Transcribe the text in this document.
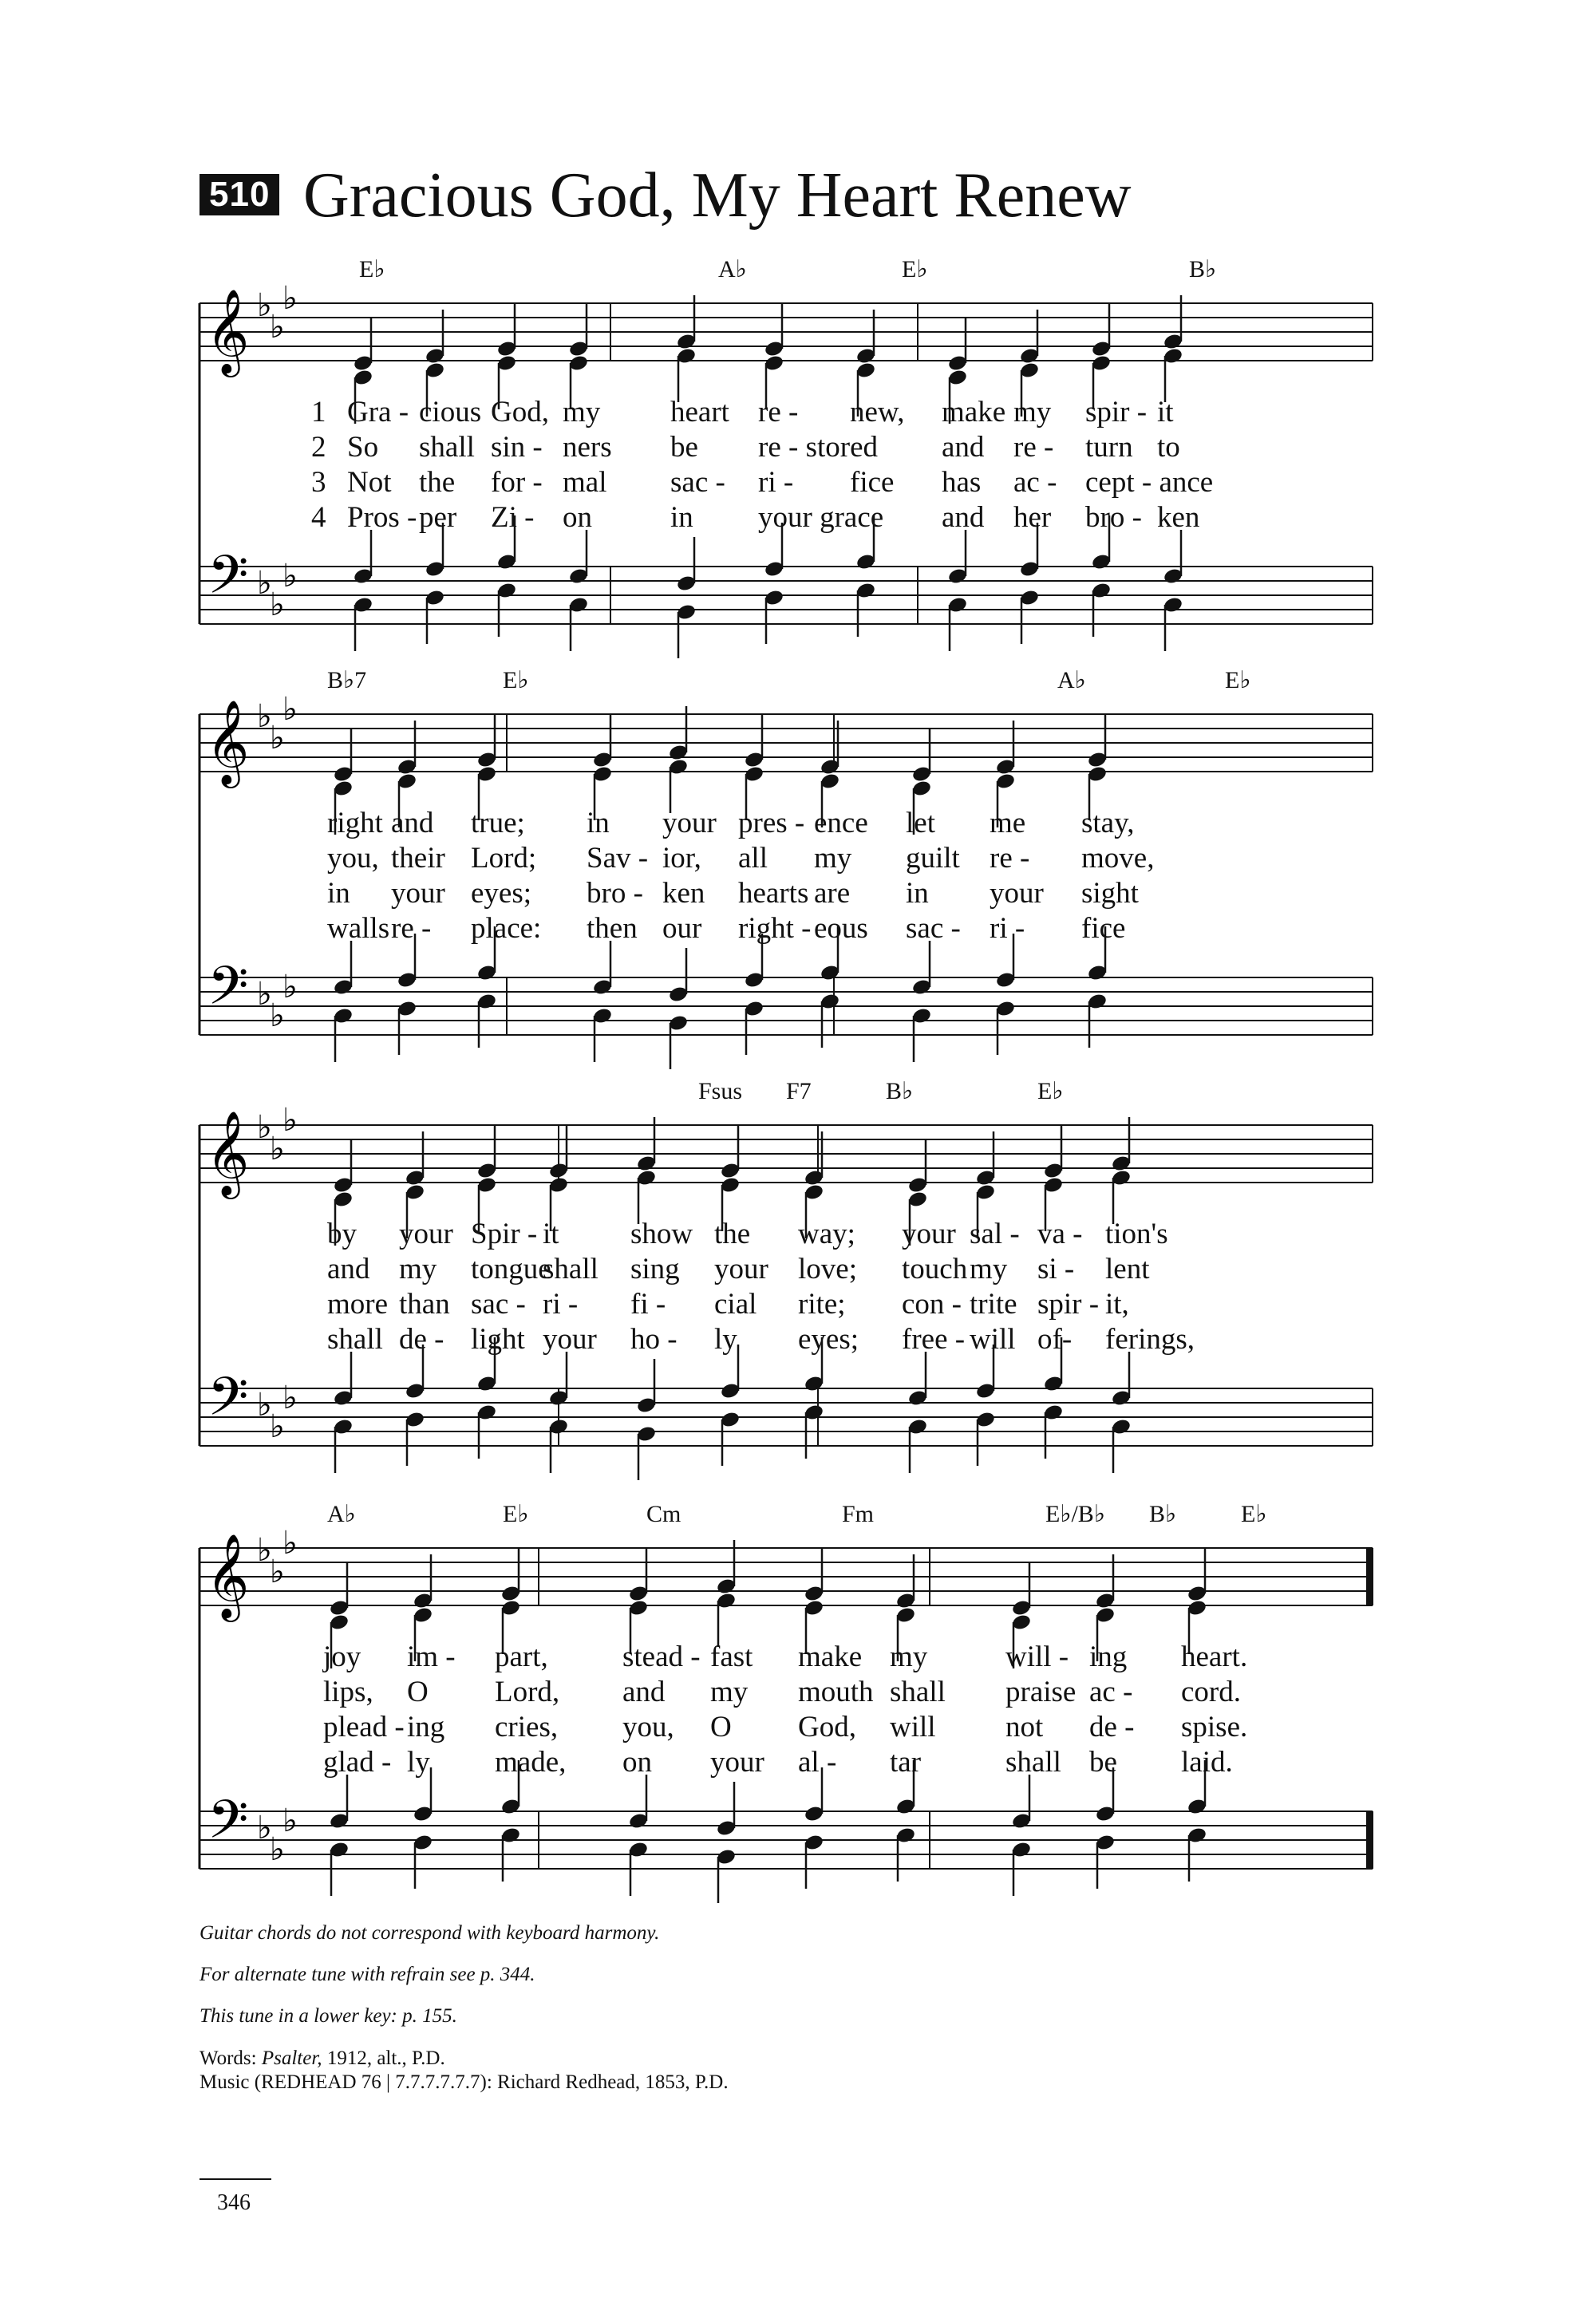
510 Gracious God, My Heart Renew
𝄞
𝄢
♭
♭
♭
♭
♭
♭
E♭	A♭	E♭	B♭
1 Gra - cious God, my heart re - new, make my spir - it
2 So shall sin - ners be re - stored and re - turn to
3 Not the for - mal sac - ri - fice has ac - cept - ance
4 Pros - per Zi - on	in your grace and her bro - ken
𝄞
𝄢
♭
♭
♭
♭
♭
♭
B♭7	E♭	A♭	E♭
right and true; in your pres - ence let me stay,
you, their Lord; Sav - ior, all my guilt re - move,
in your eyes; bro - ken hearts are in your sight
walls re - place: then our right - eous sac - ri - fice
𝄞
𝄢
♭
♭
♭
♭
♭
♭
Fsus F7	B♭	E♭
by your Spir - it show the way; your sal - va - tion's
and my tongue
shall sing your love; touch my si - lent
more than sac - ri - fi - cial rite; con - trite spir - it,
shall de - light your ho - ly eyes; free - will of- ferings,
𝄞
𝄢
♭
♭
♭
♭
♭
♭
A♭	E♭	Cm	Fm	E♭/B♭ B♭	E♭
joy im - part,	stead - fast make my	will - ing heart.
lips, O Lord, and my mouth shall praise ac - cord.
plead - ing cries, you, O God, will not de - spise.
glad - ly made, on your al - tar	shall be laid.
Guitar chords do not correspond with keyboard harmony.
For alternate tune with refrain see p. 344.
This tune in a lower key: p. 155.
Words: Psalter, 1912, alt., P.D.
Music (REDHEAD 76 | 7.7.7.7.7.7): Richard Redhead, 1853, P.D.
346
